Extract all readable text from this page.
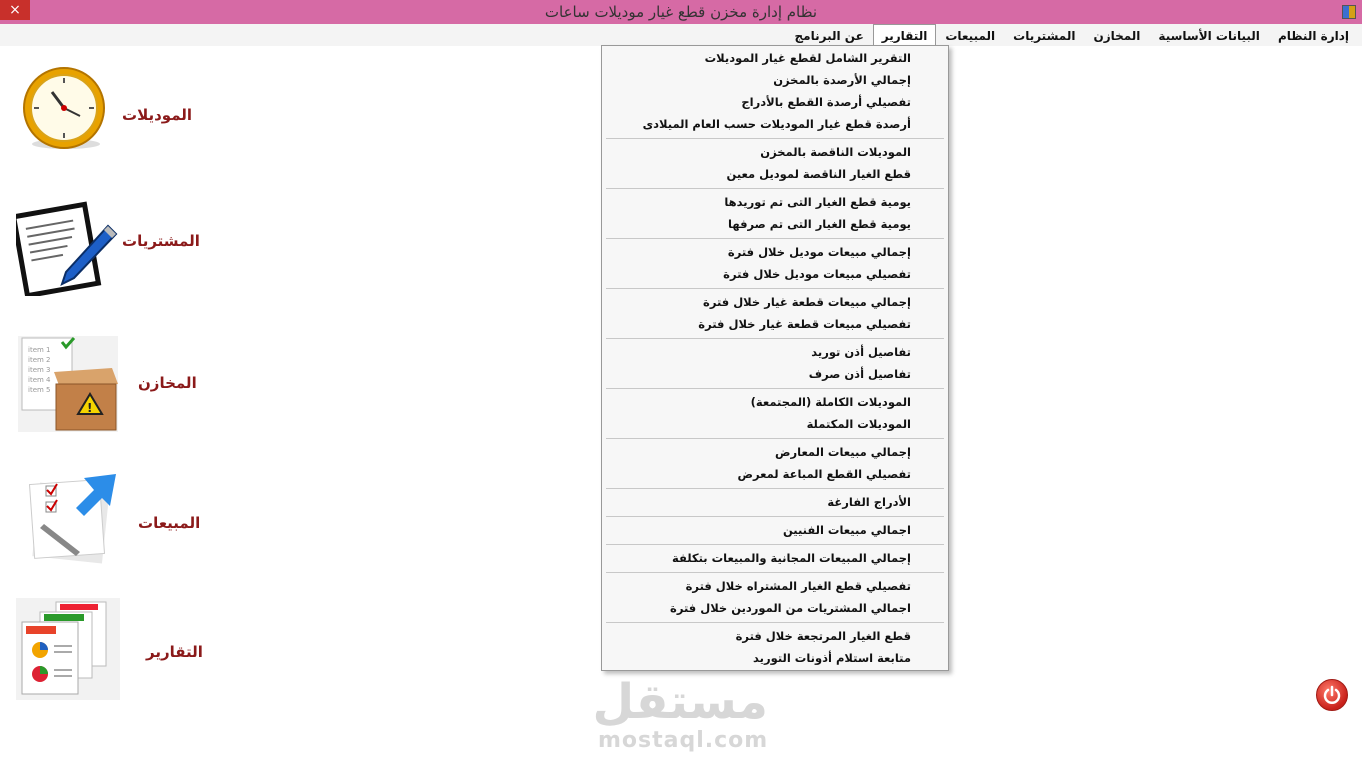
×	نظام إدارة مخزن قطع غيار موديلات ساعات
إدارة النظام
البيانات الأساسية
المخازن
المشتريات
المبيعات
التقارير
عن البرنامج
التقرير الشامل لقطع غيار الموديلات
إجمالي الأرصدة بالمخزن
تفصيلي أرصدة القطع بالأدراج
أرصدة قطع غيار الموديلات حسب العام الميلادى
الموديلات الناقصة بالمخزن
قطع الغيار الناقصة لموديل معين
يومية قطع الغيار التى تم توريدها
يومية قطع الغيار التى تم صرفها
إجمالي مبيعات موديل خلال فترة
تفصيلي مبيعات موديل خلال فترة
إجمالي مبيعات قطعة غيار خلال فترة
تفصيلي مبيعات قطعة غيار خلال فترة
تفاصيل أذن توريد
تفاصيل أذن صرف
الموديلات الكاملة (المجتمعة)
الموديلات المكتملة
إجمالي مبيعات المعارض
تفصيلي القطع المباعة لمعرض
الأدراج الفارغة
اجمالي مبيعات الفنيين
إجمالي المبيعات المجانية والمبيعات بتكلفة
تفصيلي قطع الغيار المشتراه خلال فترة
اجمالي المشتريات من الموردين خلال فترة
قطع الغيار المرتجعة خلال فترة
متابعة استلام أذونات التوريد
الموديلات
المشتريات
item 1
item 2
item 3
item 4
item 5
!
المخازن
المبيعات
التقارير
مستقل
mostaql.com
